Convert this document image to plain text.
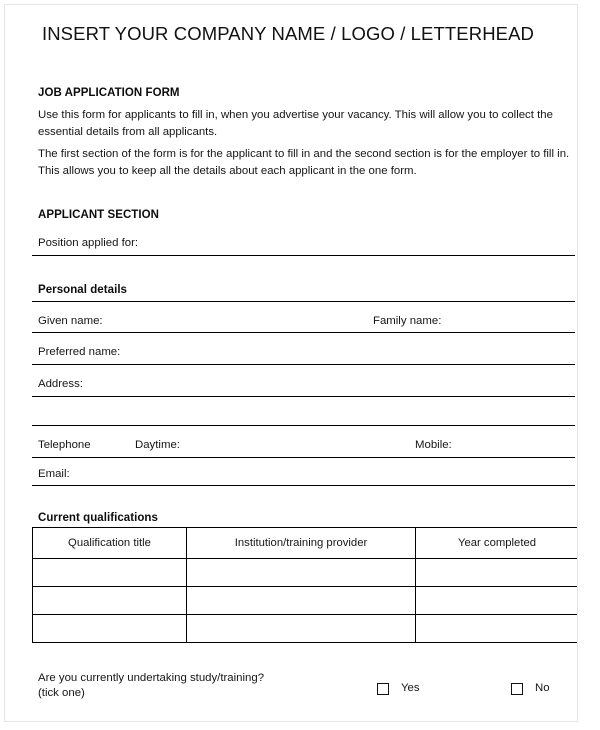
INSERT YOUR COMPANY NAME / LOGO / LETTERHEAD
JOB APPLICATION FORM
Use this form for applicants to fill in, when you advertise your vacancy. This will allow you to collect the essential details from all applicants.
The first section of the form is for the applicant to fill in and the second section is for the employer to fill in. This allows you to keep all the details about each applicant in the one form.
APPLICANT SECTION
Position applied for:
Personal details
Given name:	Family name:
Preferred name:
Address:
Telephone	Daytime:	Mobile:
Email:
Current qualifications
Qualification title	Institution/training provider	Year completed

Are you currently undertaking study/training?
(tick one)	Yes	No
